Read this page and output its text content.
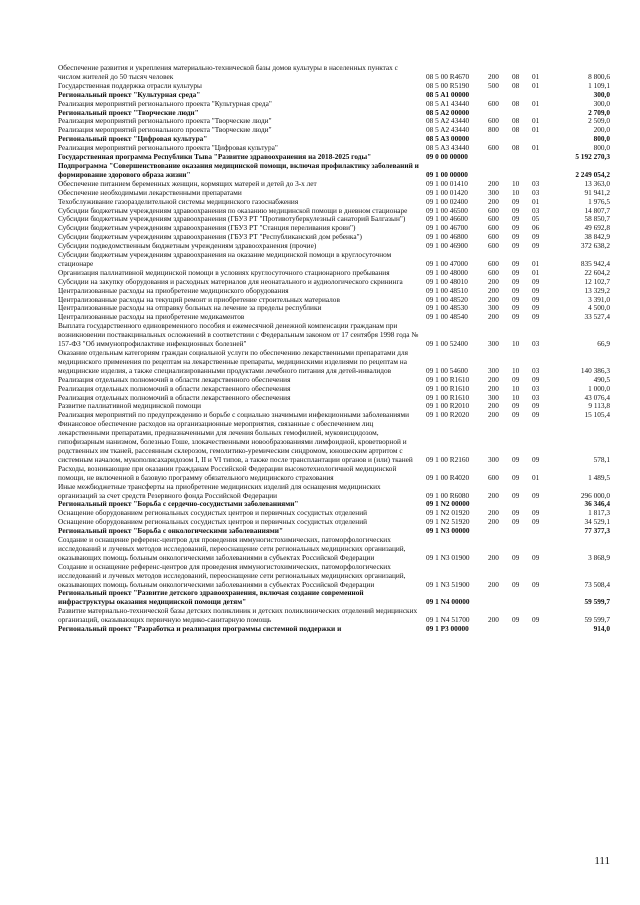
Обеспечение развития и укрепления материально-технической базы домов культуры в населенных пунктах с числом жителей до 50 тысяч человек	08 5 00 R4670	200 08 01	8 800,6
Государственная поддержка отрасли культуры	08 5 00 R5190	500 08 01	1 109,1
Региональный проект "Культурная среда"	08 5 A1 00000	300,0
Реализация мероприятий регионального проекта "Культурная среда"	08 5 A1 43440	600 08 01	300,0
Региональный проект "Творческие люди"	08 5 A2 00000	2 709,0
Реализация мероприятий регионального проекта "Творческие люди"	08 5 A2 43440	600 08 01	2 509,0
Реализация мероприятий регионального проекта "Творческие люди"	08 5 A2 43440	800 08 01	200,0
Региональный проект "Цифровая культура"	08 5 A3 00000	800,0
Реализация мероприятий регионального проекта "Цифровая культура"	08 5 A3 43440	600 08 01	800,0
Государственная программа Республики Тыва "Развитие здравоохранения на 2018-2025 годы"	09 0 00 00000	5 192 270,3
Подпрограмма "Совершенствование оказания медицинской помощи, включая профилактику заболеваний и формирование здорового образа жизни"	09 1 00 00000	2 249 054,2
Обеспечение питанием беременных женщин, кормящих матерей и детей до 3-х лет	09 1 00 01410	200 10 03	13 363,0
Обеспечение необходимыми лекарственными препаратами	09 1 00 01420	300 10 03	91 941,2
Техобслуживание газоразделительной системы медицинского газоснабжения	09 1 00 02400	200 09 01	1 976,5
Субсидии бюджетным учреждениям здравоохранения по оказанию медицинской помощи в дневном стационаре	09 1 00 46500	600 09 03	14 807,7
Субсидии бюджетным учреждениям здравоохранения (ГБУЗ РТ "Противотуберкулезный санаторий Балгазын")	09 1 00 46600	600 09 05	58 850,7
Субсидии бюджетным учреждениям здравоохранения (ГБУЗ РТ "Станция переливания крови")	09 1 00 46700	600 09 06	49 692,8
Субсидии бюджетным учреждениям здравоохранения (ГБУЗ РТ "Республиканский дом ребенка")	09 1 00 46800	600 09 09	38 842,9
Субсидии подведомственным бюджетным учреждениям здравоохранения (прочие)	09 1 00 46900	600 09 09	372 638,2
Субсидии бюджетным учреждениям здравоохранения на оказание медицинской помощи в круглосуточном стационаре	09 1 00 47000	600 09 01	835 942,4
Организация паллиативной медицинской помощи в условиях круглосуточного стационарного пребывания	09 1 00 48000	600 09 01	22 604,2
Субсидии на закупку оборудования и расходных материалов для неонатального и аудиологического скрининга	09 1 00 48010	200 09 09	12 102,7
Централизованные расходы на приобретение медицинского оборудования	09 1 00 48510	200 09 09	13 329,2
Централизованные расходы на текущий ремонт и приобретение строительных материалов	09 1 00 48520	200 09 09	3 391,0
Централизованные расходы на отправку больных на лечение за пределы республики	09 1 00 48530	300 09 09	4 500,0
Централизованные расходы на приобретение медикаментов	09 1 00 48540	200 09 09	33 527,4
Выплата государственного единовременного пособия и ежемесячной денежной компенсации гражданам при возникновении поствакцинальных осложнений в соответствии с Федеральным законом от 17 сентября 1998 года № 157-ФЗ "Об иммунопрофилактике инфекционных болезней"	09 1 00 52400	300 10 03	66,9
Оказание отдельным категориям граждан социальной услуги по обеспечению лекарственными препаратами для медицинского применения по рецептам на лекарственные препараты, медицинскими изделиями по рецептам на медицинские изделия, а также специализированными продуктами лечебного питания для детей-инвалидов	09 1 00 54600	300 10 03	140 386,3
Реализация отдельных полномочий в области лекарственного обеспечения	09 1 00 R1610	200 09 09	490,5
Реализация отдельных полномочий в области лекарственного обеспечения	09 1 00 R1610	200 10 03	1 000,0
Реализация отдельных полномочий в области лекарственного обеспечения	09 1 00 R1610	300 10 03	43 076,4
Развитие паллиативной медицинской помощи	09 1 00 R2010	200 09 09	9 113,8
Реализация мероприятий по предупреждению и борьбе с социально значимыми инфекционными заболеваниями	09 1 00 R2020	200 09 09	15 105,4
Финансовое обеспечение расходов на организационные мероприятия, связанные с обеспечением лиц лекарственными препаратами, предназначенными для лечения больных гемофилией, муковисцидозом, гипофизарным нанизмом, болезнью Гоше, злокачественными новообразованиями лимфоидной, кроветворной и родственных им тканей, рассеянным склерозом, гемолитико-уремическим синдромом, юношеским артритом с системным началом, мукополисахаридозом I, II и VI типов, а также после трансплантации органов и (или) тканей	09 1 00 R2160	300 09 09	578,1
Расходы, возникающие при оказании гражданам Российской Федерации высокотехнологичной медицинской помощи, не включенной в базовую программу обязательного медицинского страхования	09 1 00 R4020	600 09 01	1 489,5
Иные межбюджетные трансферты на приобретение медицинских изделий для оснащения медицинских организаций за счет средств Резервного фонда Российской Федерации	09 1 00 R6080	200 09 09	296 000,0
Региональный проект "Борьба с сердечно-сосудистыми заболеваниями"	09 1 N2 00000	36 346,4
Оснащение оборудованием региональных сосудистых центров и первичных сосудистых отделений	09 1 N2 01920	200 09 09	1 817,3
Оснащение оборудованием региональных сосудистых центров и первичных сосудистых отделений	09 1 N2 51920	200 09 09	34 529,1
Региональный проект "Борьба с онкологическими заболеваниями"	09 1 N3 00000	77 377,3
Создание и оснащение референс-центров для проведения иммуногистохимических, патоморфологических исследований и лучевых методов исследований, переоснащение сети региональных медицинских организаций, оказывающих помощь больным онкологическими заболеваниями в субъектах Российской Федерации	09 1 N3 01900	200 09 09	3 868,9
Создание и оснащение референс-центров для проведения иммуногистохимических, патоморфологических исследований и лучевых методов исследований, переоснащение сети региональных медицинских организаций, оказывающих помощь больным онкологическими заболеваниями в субъектах Российской Федерации	09 1 N3 51900	200 09 09	73 508,4
Региональный проект "Развитие детского здравоохранения, включая создание современной инфраструктуры оказания медицинской помощи детям"	09 1 N4 00000	59 599,7
Развитие материально-технической базы детских поликлиник и детских поликлинических отделений медицинских организаций, оказывающих первичную медико-санитарную помощь	09 1 N4 51700	200 09 09	59 599,7
Региональный проект "Разработка и реализация программы системной поддержки и	09 1 P3 00000	914,0
111
